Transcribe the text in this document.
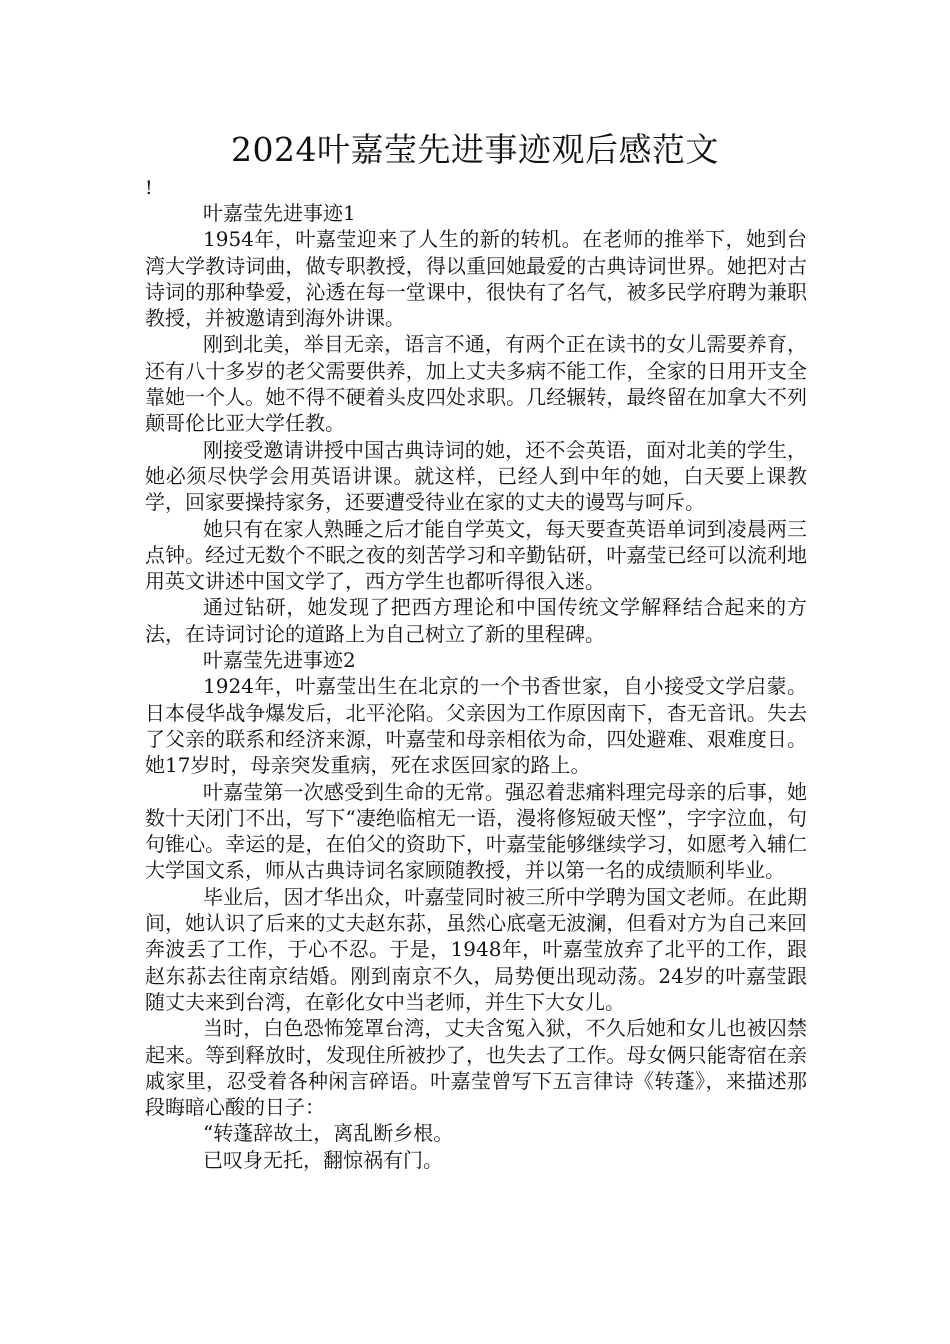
2024叶嘉莹先进事迹观后感范文
!

叶嘉莹先进事迹1

1954年，叶嘉莹迎来了人生的新的转机。在老师的推举下，她到台湾大学教诗词曲，做专职教授，得以重回她最爱的古典诗词世界。她把对古诗词的那种挚爱，沁透在每一堂课中，很快有了名气，被多民学府聘为兼职教授，并被邀请到海外讲课。

刚到北美，举目无亲，语言不通，有两个正在读书的女儿需要养育，还有八十多岁的老父需要供养，加上丈夫多病不能工作，全家的日用开支全靠她一个人。她不得不硬着头皮四处求职。几经辗转，最终留在加拿大不列颠哥伦比亚大学任教。

刚接受邀请讲授中国古典诗词的她，还不会英语，面对北美的学生，她必须尽快学会用英语讲课。就这样，已经人到中年的她，白天要上课教学，回家要操持家务，还要遭受待业在家的丈夫的谩骂与呵斥。

她只有在家人熟睡之后才能自学英文，每天要查英语单词到凌晨两三点钟。经过无数个不眠之夜的刻苦学习和辛勤钻研，叶嘉莹已经可以流利地用英文讲述中国文学了，西方学生也都听得很入迷。

通过钻研，她发现了把西方理论和中国传统文学解释结合起来的方法，在诗词讨论的道路上为自己树立了新的里程碑。

叶嘉莹先进事迹2

1924年，叶嘉莹出生在北京的一个书香世家，自小接受文学启蒙。日本侵华战争爆发后，北平沦陷。父亲因为工作原因南下，杳无音讯。失去了父亲的联系和经济来源，叶嘉莹和母亲相依为命，四处避难、艰难度日。她17岁时，母亲突发重病，死在求医回家的路上。

叶嘉莹第一次感受到生命的无常。强忍着悲痛料理完母亲的后事，她数十天闭门不出，写下“凄绝临棺无一语，漫将修短破天悭”，字字泣血，句句锥心。幸运的是，在伯父的资助下，叶嘉莹能够继续学习，如愿考入辅仁大学国文系，师从古典诗词名家顾随教授，并以第一名的成绩顺利毕业。

毕业后，因才华出众，叶嘉莹同时被三所中学聘为国文老师。在此期间，她认识了后来的丈夫赵东荪，虽然心底毫无波澜，但看对方为自己来回奔波丢了工作，于心不忍。于是，1948年，叶嘉莹放弃了北平的工作，跟赵东荪去往南京结婚。刚到南京不久，局势便出现动荡。24岁的叶嘉莹跟随丈夫来到台湾，在彰化女中当老师，并生下大女儿。

当时，白色恐怖笼罩台湾，丈夫含冤入狱，不久后她和女儿也被囚禁起来。等到释放时，发现住所被抄了，也失去了工作。母女俩只能寄宿在亲戚家里，忍受着各种闲言碎语。叶嘉莹曾写下五言律诗《转蓬》，来描述那段晦暗心酸的日子：

“转蓬辞故土，离乱断乡根。

已叹身无托，翻惊祸有门。
